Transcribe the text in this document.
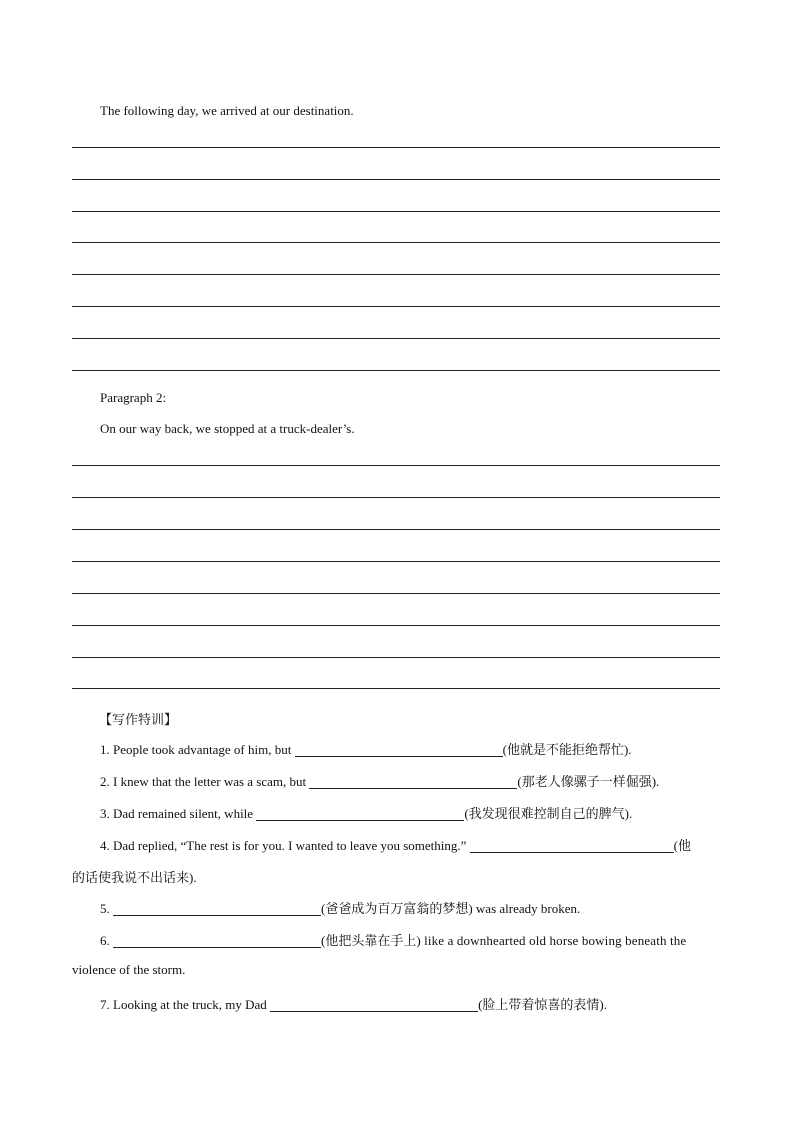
The following day, we arrived at our destination.
Paragraph 2:
On our way back, we stopped at a truck-dealer’s.
【写作特训】
1. People took advantage of him, but	(他就是不能拒绝帮忙).
2. I knew that the letter was a scam, but	(那老人像骡子一样倔强).
3. Dad remained silent, while	(我发现很难控制自己的脾气).
4. Dad replied, “The rest is for you. I wanted to leave you something.”	(他
的话使我说不出话来).
5.	(爸爸成为百万富翁的梦想) was already broken.
6.	(他把头靠在手上) like a downhearted old horse bowing beneath the
violence of the storm.
7. Looking at the truck, my Dad	(脸上带着惊喜的表情).
